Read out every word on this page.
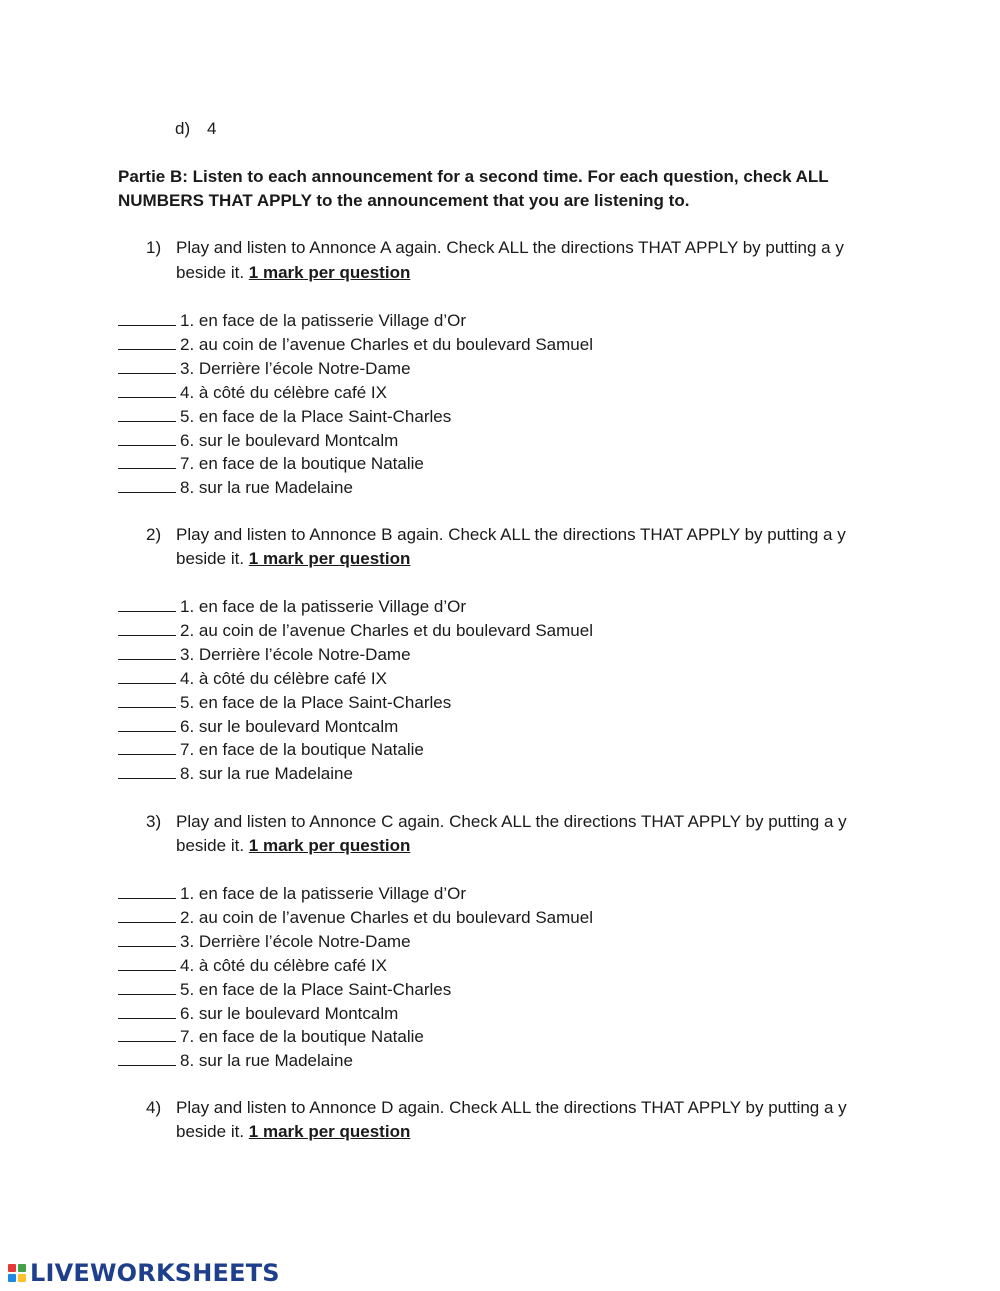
d) 4
Partie B: Listen to each announcement for a second time. For each question, check ALL
NUMBERS THAT APPLY to the announcement that you are listening to.
1) Play and listen to Annonce A again. Check ALL the directions THAT APPLY by putting a y
beside it. 1 mark per question
1. en face de la patisserie Village d’Or
2. au coin de l’avenue Charles et du boulevard Samuel
3. Derrière l’école Notre-Dame
4. à côté du célèbre café IX
5. en face de la Place Saint-Charles
6. sur le boulevard Montcalm
7. en face de la boutique Natalie
8. sur la rue Madelaine
2) Play and listen to Annonce B again. Check ALL the directions THAT APPLY by putting a y
beside it. 1 mark per question
1. en face de la patisserie Village d’Or
2. au coin de l’avenue Charles et du boulevard Samuel
3. Derrière l’école Notre-Dame
4. à côté du célèbre café IX
5. en face de la Place Saint-Charles
6. sur le boulevard Montcalm
7. en face de la boutique Natalie
8. sur la rue Madelaine
3) Play and listen to Annonce C again. Check ALL the directions THAT APPLY by putting a y
beside it. 1 mark per question
1. en face de la patisserie Village d’Or
2. au coin de l’avenue Charles et du boulevard Samuel
3. Derrière l’école Notre-Dame
4. à côté du célèbre café IX
5. en face de la Place Saint-Charles
6. sur le boulevard Montcalm
7. en face de la boutique Natalie
8. sur la rue Madelaine
4) Play and listen to Annonce D again. Check ALL the directions THAT APPLY by putting a y
beside it. 1 mark per question
LIVEWORKSHEETS
